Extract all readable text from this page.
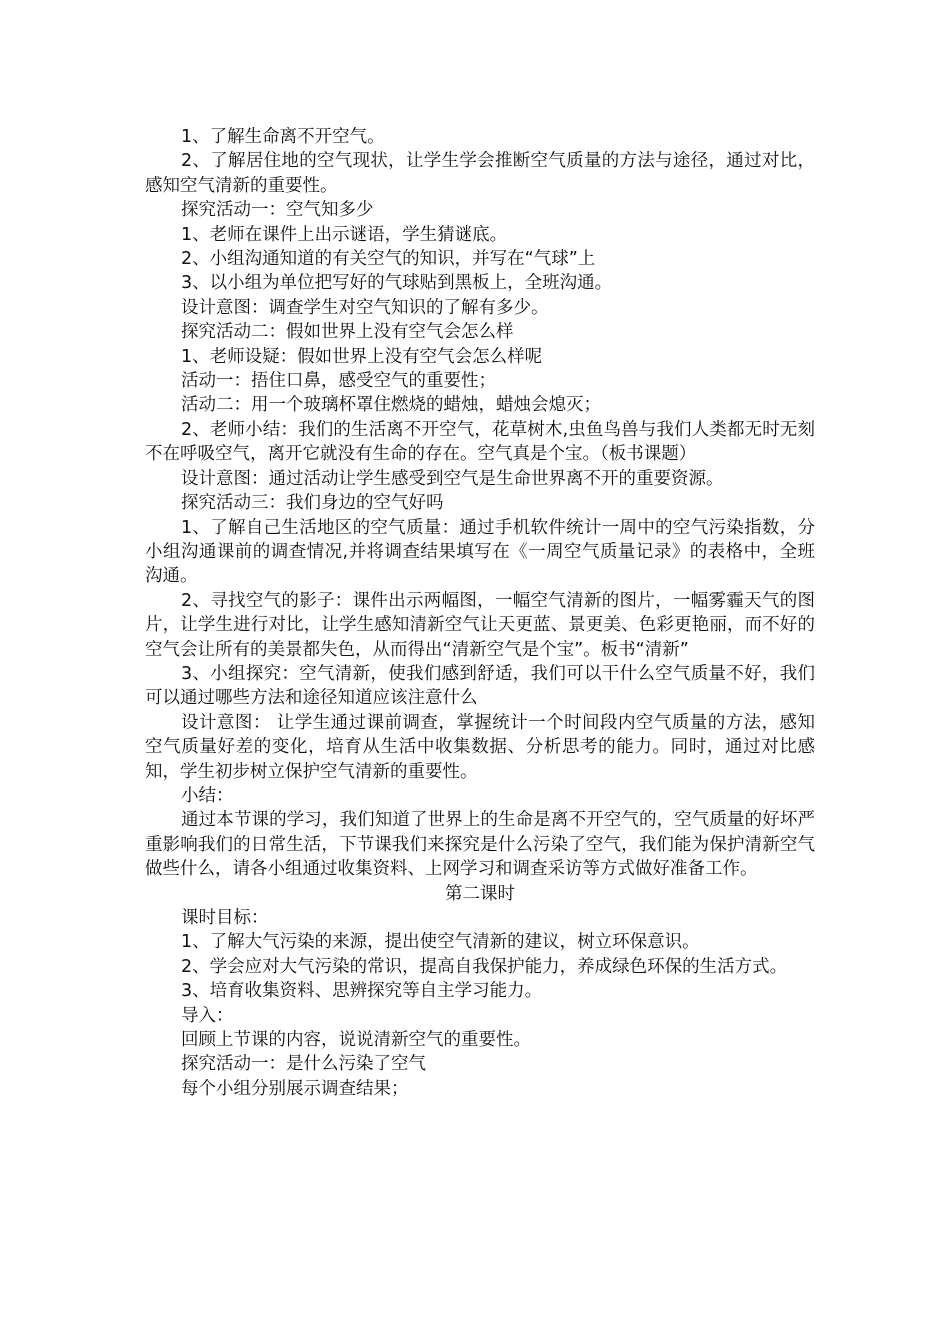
1、了解生命离不开空气。

2、了解居住地的空气现状，让学生学会推断空气质量的方法与途径，通过对比，感知空气清新的重要性。

探究活动一：空气知多少

1、老师在课件上出示谜语，学生猜谜底。

2、小组沟通知道的有关空气的知识，并写在“气球”上

3、以小组为单位把写好的气球贴到黑板上，全班沟通。

设计意图：调查学生对空气知识的了解有多少。

探究活动二：假如世界上没有空气会怎么样

1、老师设疑：假如世界上没有空气会怎么样呢

活动一：捂住口鼻，感受空气的重要性；

活动二：用一个玻璃杯罩住燃烧的蜡烛，蜡烛会熄灭；

2、老师小结：我们的生活离不开空气，花草树木,虫鱼鸟兽与我们人类都无时无刻不在呼吸空气，离开它就没有生命的存在。空气真是个宝。（板书课题）

设计意图：通过活动让学生感受到空气是生命世界离不开的重要资源。

探究活动三：我们身边的空气好吗

1、了解自己生活地区的空气质量：通过手机软件统计一周中的空气污染指数，分小组沟通课前的调查情况,并将调查结果填写在《一周空气质量记录》的表格中，全班沟通。

2、寻找空气的影子：课件出示两幅图，一幅空气清新的图片，一幅雾霾天气的图片，让学生进行对比，让学生感知清新空气让天更蓝、景更美、色彩更艳丽，而不好的空气会让所有的美景都失色，从而得出“清新空气是个宝”。板书“清新”

3、小组探究：空气清新，使我们感到舒适，我们可以干什么空气质量不好，我们可以通过哪些方法和途径知道应该注意什么

设计意图： 让学生通过课前调查，掌握统计一个时间段内空气质量的方法，感知空气质量好差的变化，培育从生活中收集数据、分析思考的能力。同时，通过对比感知，学生初步树立保护空气清新的重要性。

小结：

通过本节课的学习，我们知道了世界上的生命是离不开空气的，空气质量的好坏严重影响我们的日常生活，下节课我们来探究是什么污染了空气，我们能为保护清新空气做些什么，请各小组通过收集资料、上网学习和调查采访等方式做好准备工作。

第二课时

课时目标：

1、了解大气污染的来源，提出使空气清新的建议，树立环保意识。

2、学会应对大气污染的常识，提高自我保护能力，养成绿色环保的生活方式。

3、培育收集资料、思辨探究等自主学习能力。

导入：

回顾上节课的内容，说说清新空气的重要性。

探究活动一：是什么污染了空气

每个小组分别展示调查结果；
